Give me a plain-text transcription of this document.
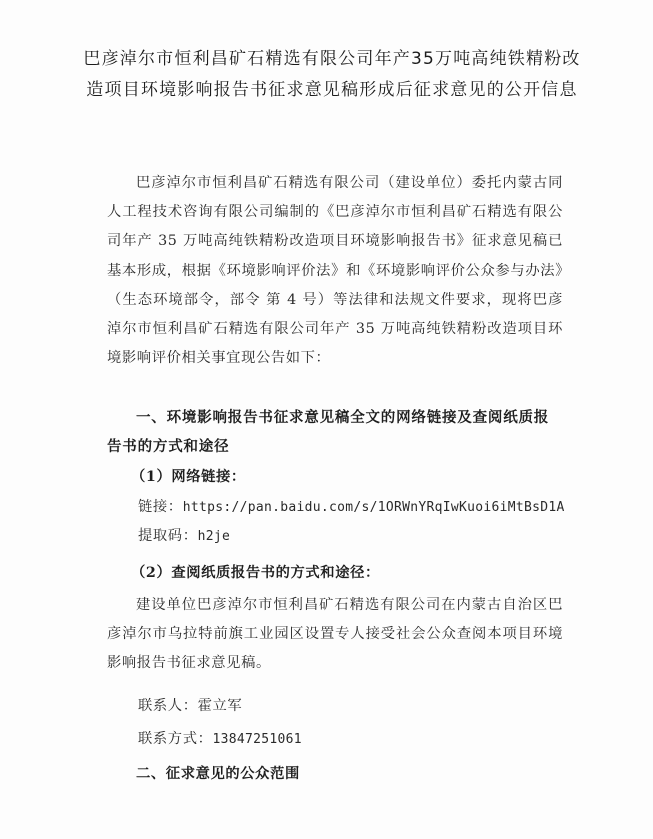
巴彦淖尔市恒利昌矿石精选有限公司年产35万吨高纯铁精粉改造项目环境影响报告书征求意见稿形成后征求意见的公开信息
巴彦淖尔市恒利昌矿石精选有限公司（建设单位）委托内蒙古同人工程技术咨询有限公司编制的《巴彦淖尔市恒利昌矿石精选有限公司年产 35 万吨高纯铁精粉改造项目环境影响报告书》征求意见稿已基本形成，根据《环境影响评价法》和《环境影响评价公众参与办法》（生态环境部令，部令 第 4 号）等法律和法规文件要求，现将巴彦淖尔市恒利昌矿石精选有限公司年产 35 万吨高纯铁精粉改造项目环境影响评价相关事宜现公告如下：
一、环境影响报告书征求意见稿全文的网络链接及查阅纸质报告书的方式和途径
（1）网络链接：
链接：https://pan.baidu.com/s/1ORWnYRqIwKuoi6iMtBsD1A
提取码：h2je
（2）查阅纸质报告书的方式和途径：
建设单位巴彦淖尔市恒利昌矿石精选有限公司在内蒙古自治区巴彦淖尔市乌拉特前旗工业园区设置专人接受社会公众查阅本项目环境影响报告书征求意见稿。
联系人：霍立军
联系方式：13847251061
二、征求意见的公众范围
